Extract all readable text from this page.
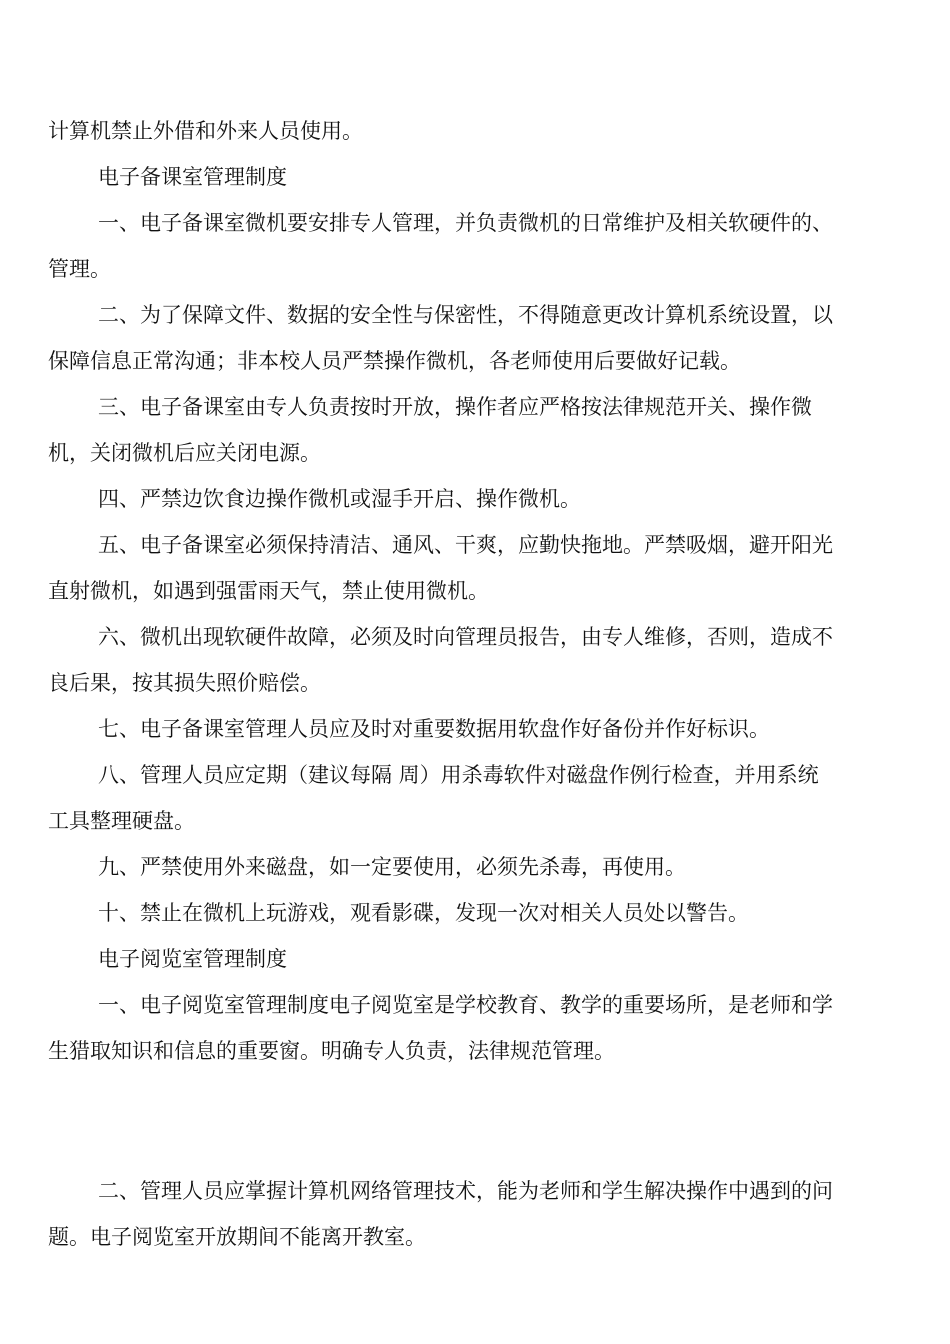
计算机禁止外借和外来人员使用。
电子备课室管理制度
一、电子备课室微机要安排专人管理，并负责微机的日常维护及相关软硬件的、
管理。
二、为了保障文件、数据的安全性与保密性，不得随意更改计算机系统设置，以
保障信息正常沟通；非本校人员严禁操作微机，各老师使用后要做好记载。
三、电子备课室由专人负责按时开放，操作者应严格按法律规范开关、操作微
机，关闭微机后应关闭电源。
四、严禁边饮食边操作微机或湿手开启、操作微机。
五、电子备课室必须保持清洁、通风、干爽，应勤快拖地。严禁吸烟，避开阳光
直射微机，如遇到强雷雨天气，禁止使用微机。
六、微机出现软硬件故障，必须及时向管理员报告，由专人维修，否则，造成不
良后果，按其损失照价赔偿。
七、电子备课室管理人员应及时对重要数据用软盘作好备份并作好标识。
八、管理人员应定期（建议每隔 周）用杀毒软件对磁盘作例行检查，并用系统
工具整理硬盘。
九、严禁使用外来磁盘，如一定要使用，必须先杀毒，再使用。
十、禁止在微机上玩游戏，观看影碟，发现一次对相关人员处以警告。
电子阅览室管理制度
一、电子阅览室管理制度电子阅览室是学校教育、教学的重要场所，是老师和学
生猎取知识和信息的重要窗。明确专人负责，法律规范管理。
二、管理人员应掌握计算机网络管理技术，能为老师和学生解决操作中遇到的问
题。电子阅览室开放期间不能离开教室。
